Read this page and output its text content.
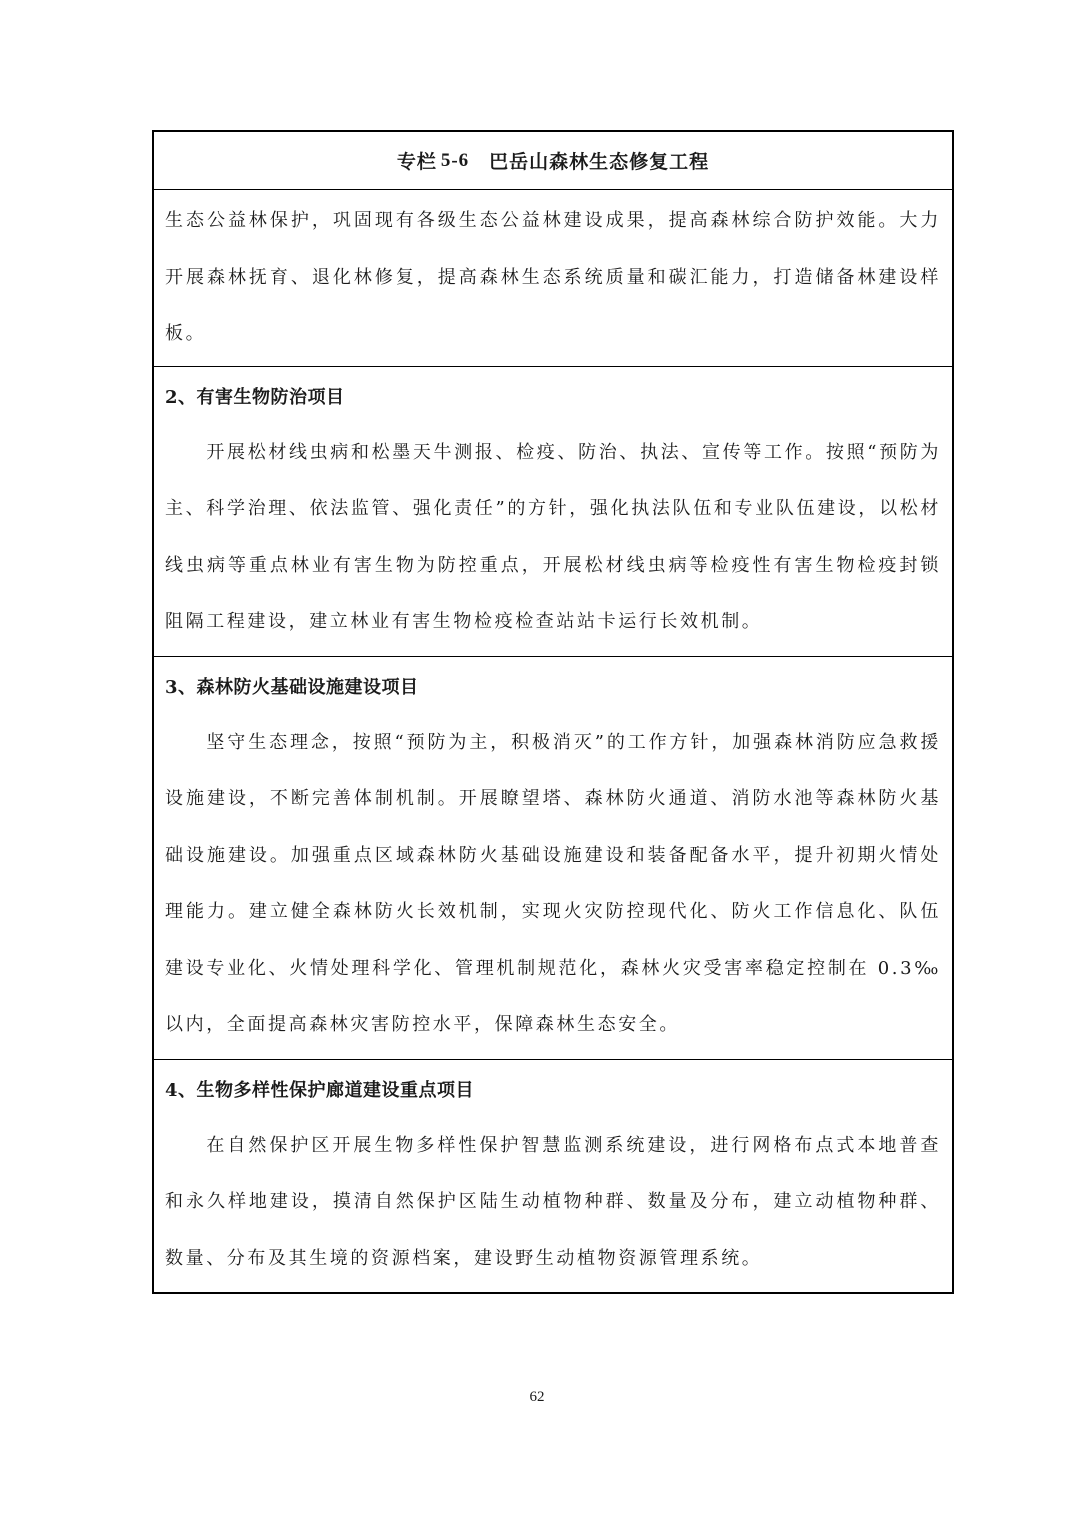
专栏 5-6 巴岳山森林生态修复工程

生态公益林保护，巩固现有各级生态公益林建设成果，提高森林综合防护效能。大力开展森林抚育、退化林修复，提高森林生态系统质量和碳汇能力，打造储备林建设样板。

2、有害生物防治项目

开展松材线虫病和松墨天牛测报、检疫、防治、执法、宣传等工作。按照“预防为主、科学治理、依法监管、强化责任”的方针，强化执法队伍和专业队伍建设，以松材线虫病等重点林业有害生物为防控重点，开展松材线虫病等检疫性有害生物检疫封锁阻隔工程建设，建立林业有害生物检疫检查站站卡运行长效机制。

3、森林防火基础设施建设项目

坚守生态理念，按照“预防为主，积极消灭”的工作方针，加强森林消防应急救援设施建设，不断完善体制机制。开展瞭望塔、森林防火通道、消防水池等森林防火基础设施建设。加强重点区域森林防火基础设施建设和装备配备水平，提升初期火情处理能力。建立健全森林防火长效机制，实现火灾防控现代化、防火工作信息化、队伍建设专业化、火情处理科学化、管理机制规范化，森林火灾受害率稳定控制在 0.3‰以内，全面提高森林灾害防控水平，保障森林生态安全。

4、生物多样性保护廊道建设重点项目

在自然保护区开展生物多样性保护智慧监测系统建设，进行网格布点式本地普查和永久样地建设，摸清自然保护区陆生动植物种群、数量及分布，建立动植物种群、数量、分布及其生境的资源档案，建设野生动植物资源管理系统。

62
